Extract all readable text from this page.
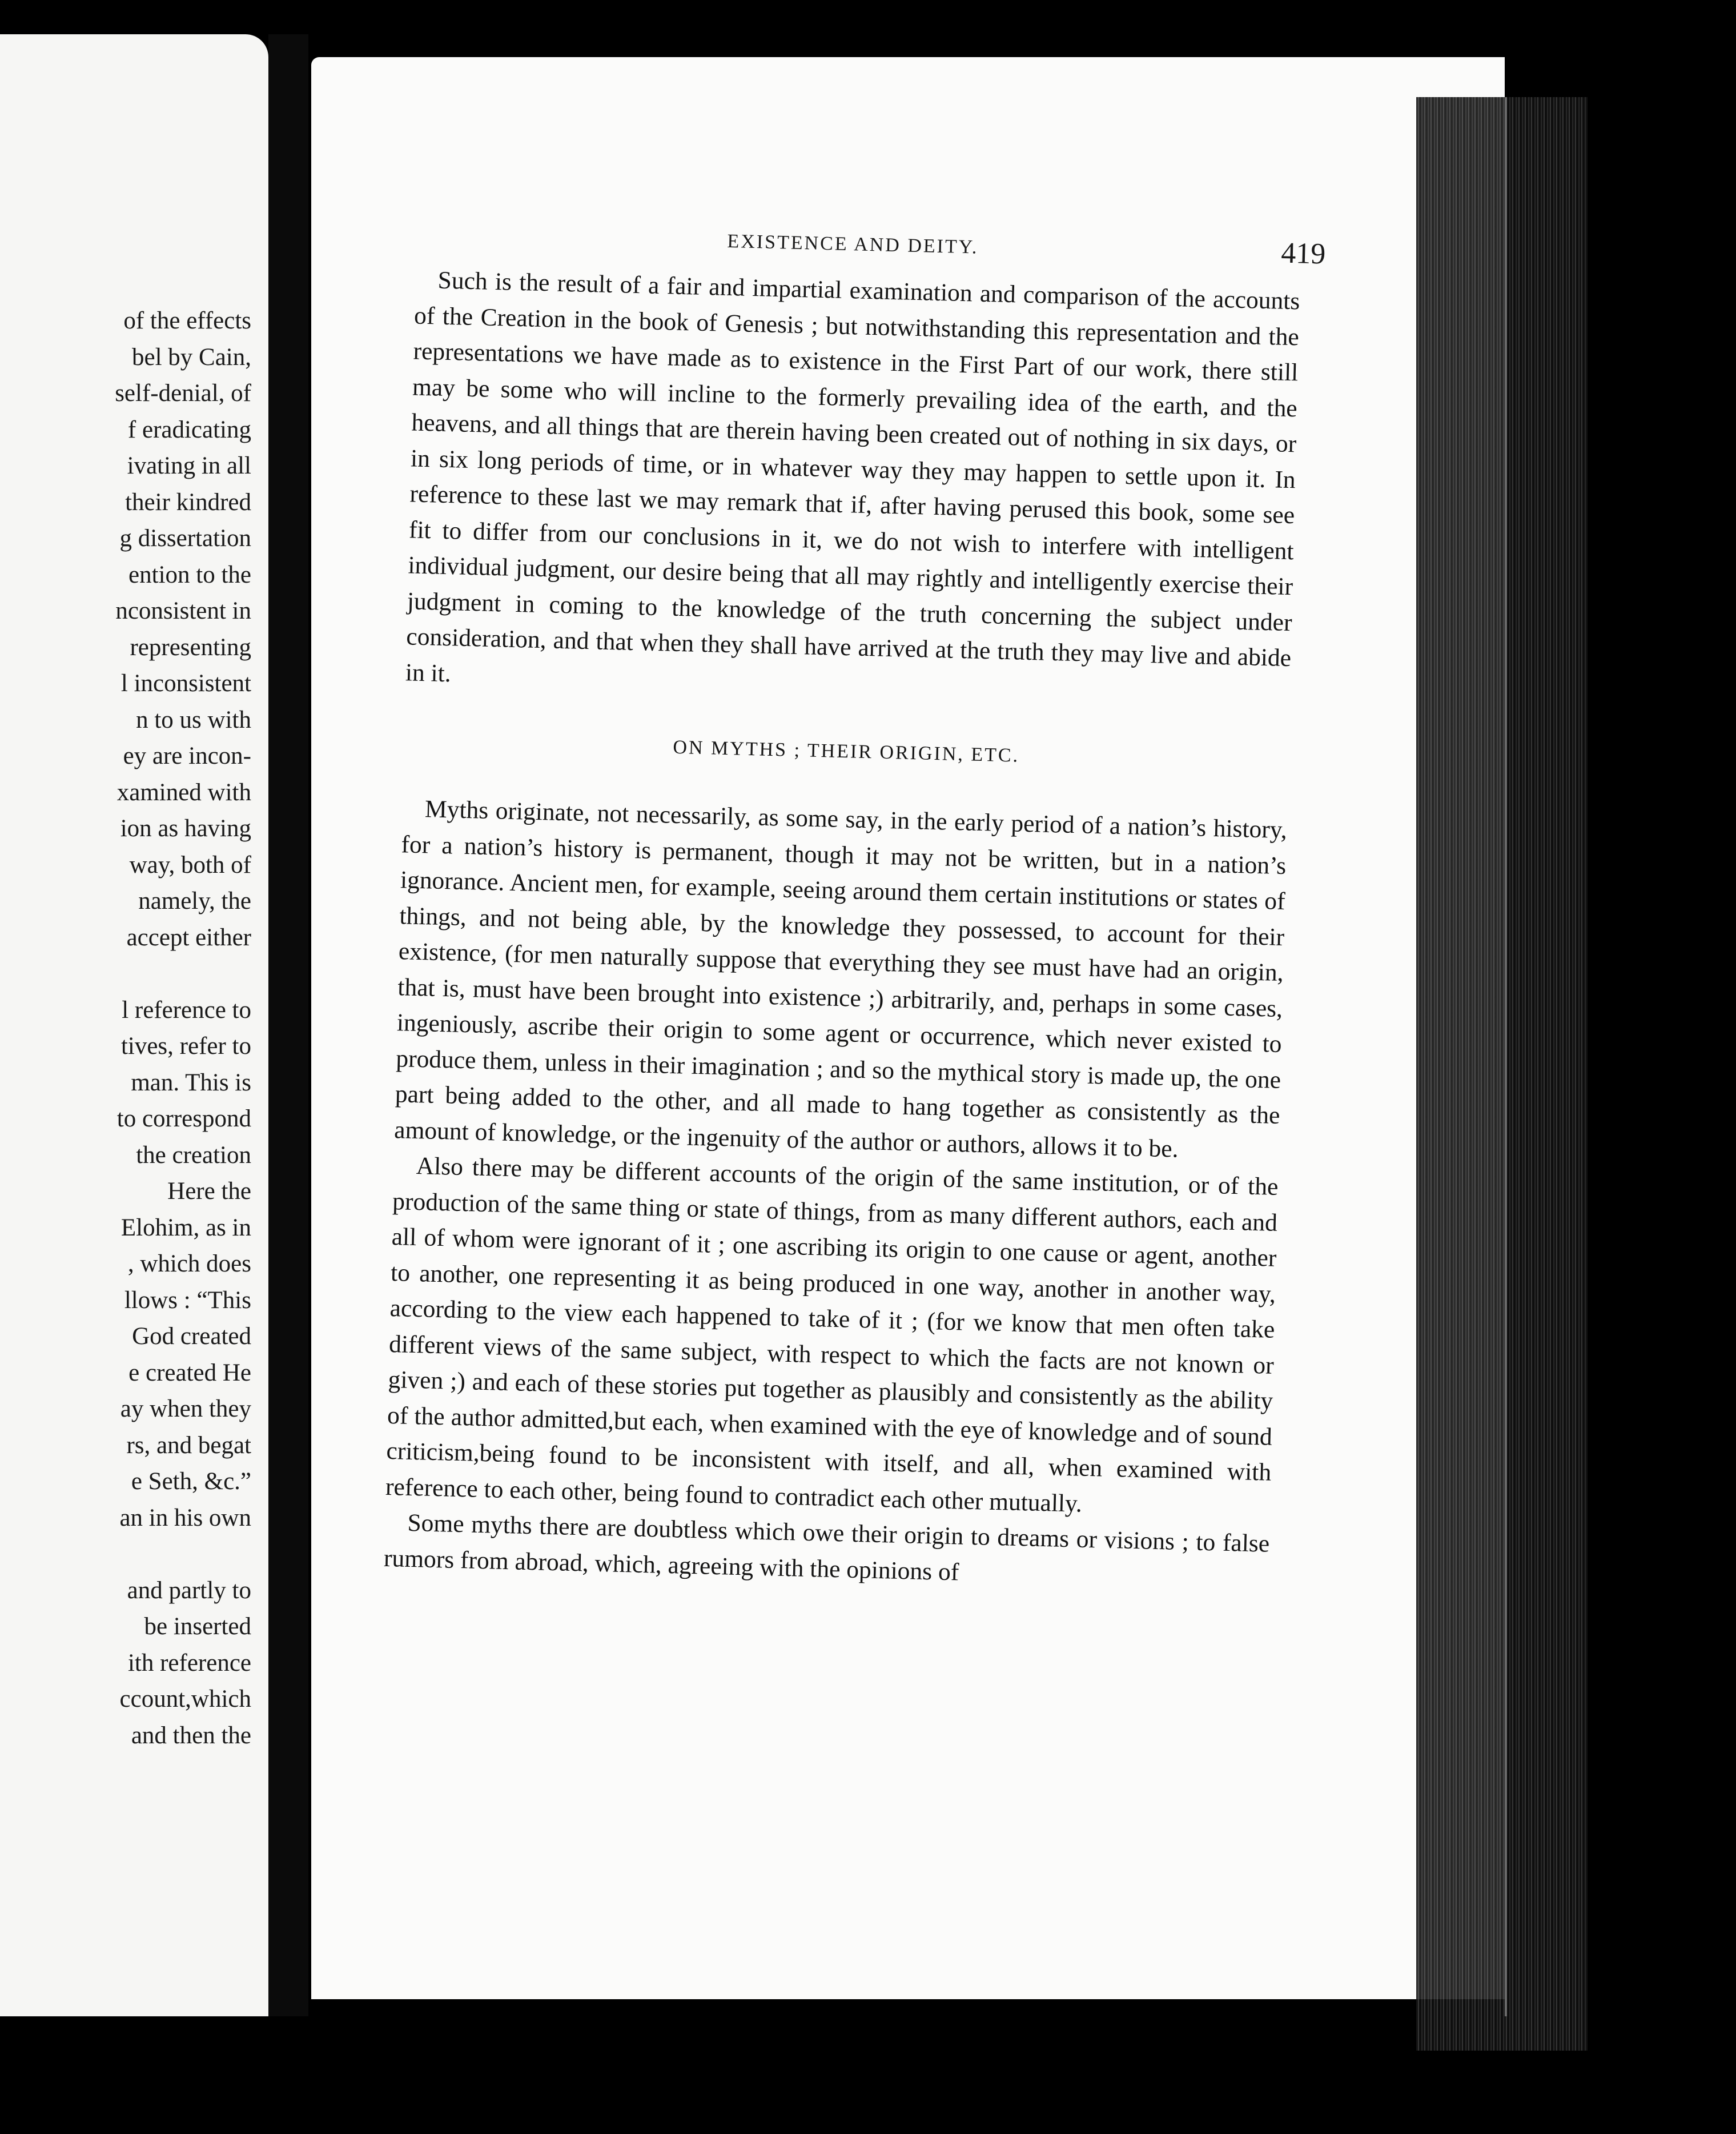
of the effects
bel by Cain,
self-denial, of
f eradicating
ivating in all
their kindred
g dissertation
ention to the
nconsistent in
representing
l inconsistent
n to us with
ey are incon-
xamined with
ion as having
way, both of
namely, the
accept either

l reference to
tives, refer to
man. This is
to correspond
the creation
Here the
Elohim, as in
, which does
llows : “This
God created
e created He
ay when they
rs, and begat
e Seth, &c.”
an in his own

and partly to
be inserted
ith reference
ccount,which
and then the
EXISTENCE AND DEITY.	419

Such is the result of a fair and impartial examination and comparison of the accounts of the Creation in the book of Genesis ; but notwithstanding this representation and the representations we have made as to existence in the First Part of our work, there still may be some who will incline to the formerly prevailing idea of the earth, and the heavens, and all things that are therein having been created out of nothing in six days, or in six long periods of time, or in whatever way they may happen to settle upon it. In reference to these last we may remark that if, after having perused this book, some see fit to differ from our conclusions in it, we do not wish to interfere with intelligent individual judgment, our desire being that all may rightly and intelligently exercise their judgment in coming to the knowledge of the truth concerning the subject under consideration, and that when they shall have arrived at the truth they may live and abide in it.

ON MYTHS ; THEIR ORIGIN, ETC.

Myths originate, not necessarily, as some say, in the early period of a nation’s history, for a nation’s history is permanent, though it may not be written, but in a nation’s ignorance. Ancient men, for example, seeing around them certain institutions or states of things, and not being able, by the knowledge they possessed, to account for their existence, (for men naturally suppose that everything they see must have had an origin, that is, must have been brought into existence ;) arbitrarily, and, perhaps in some cases, ingeniously, ascribe their origin to some agent or occurrence, which never existed to produce them, unless in their imagination ; and so the mythical story is made up, the one part being added to the other, and all made to hang together as consistently as the amount of knowledge, or the ingenuity of the author or authors, allows it to be.

Also there may be different accounts of the origin of the same institution, or of the production of the same thing or state of things, from as many different authors, each and all of whom were ignorant of it ; one ascribing its origin to one cause or agent, another to another, one representing it as being produced in one way, another in another way, according to the view each happened to take of it ; (for we know that men often take different views of the same subject, with respect to which the facts are not known or given ;) and each of these stories put together as plausibly and consistently as the ability of the author admitted,but each, when examined with the eye of knowledge and of sound criticism,being found to be inconsistent with itself, and all, when examined with reference to each other, being found to contradict each other mutually.

Some myths there are doubtless which owe their origin to dreams or visions ; to false rumors from abroad, which, agreeing with the opinions of
